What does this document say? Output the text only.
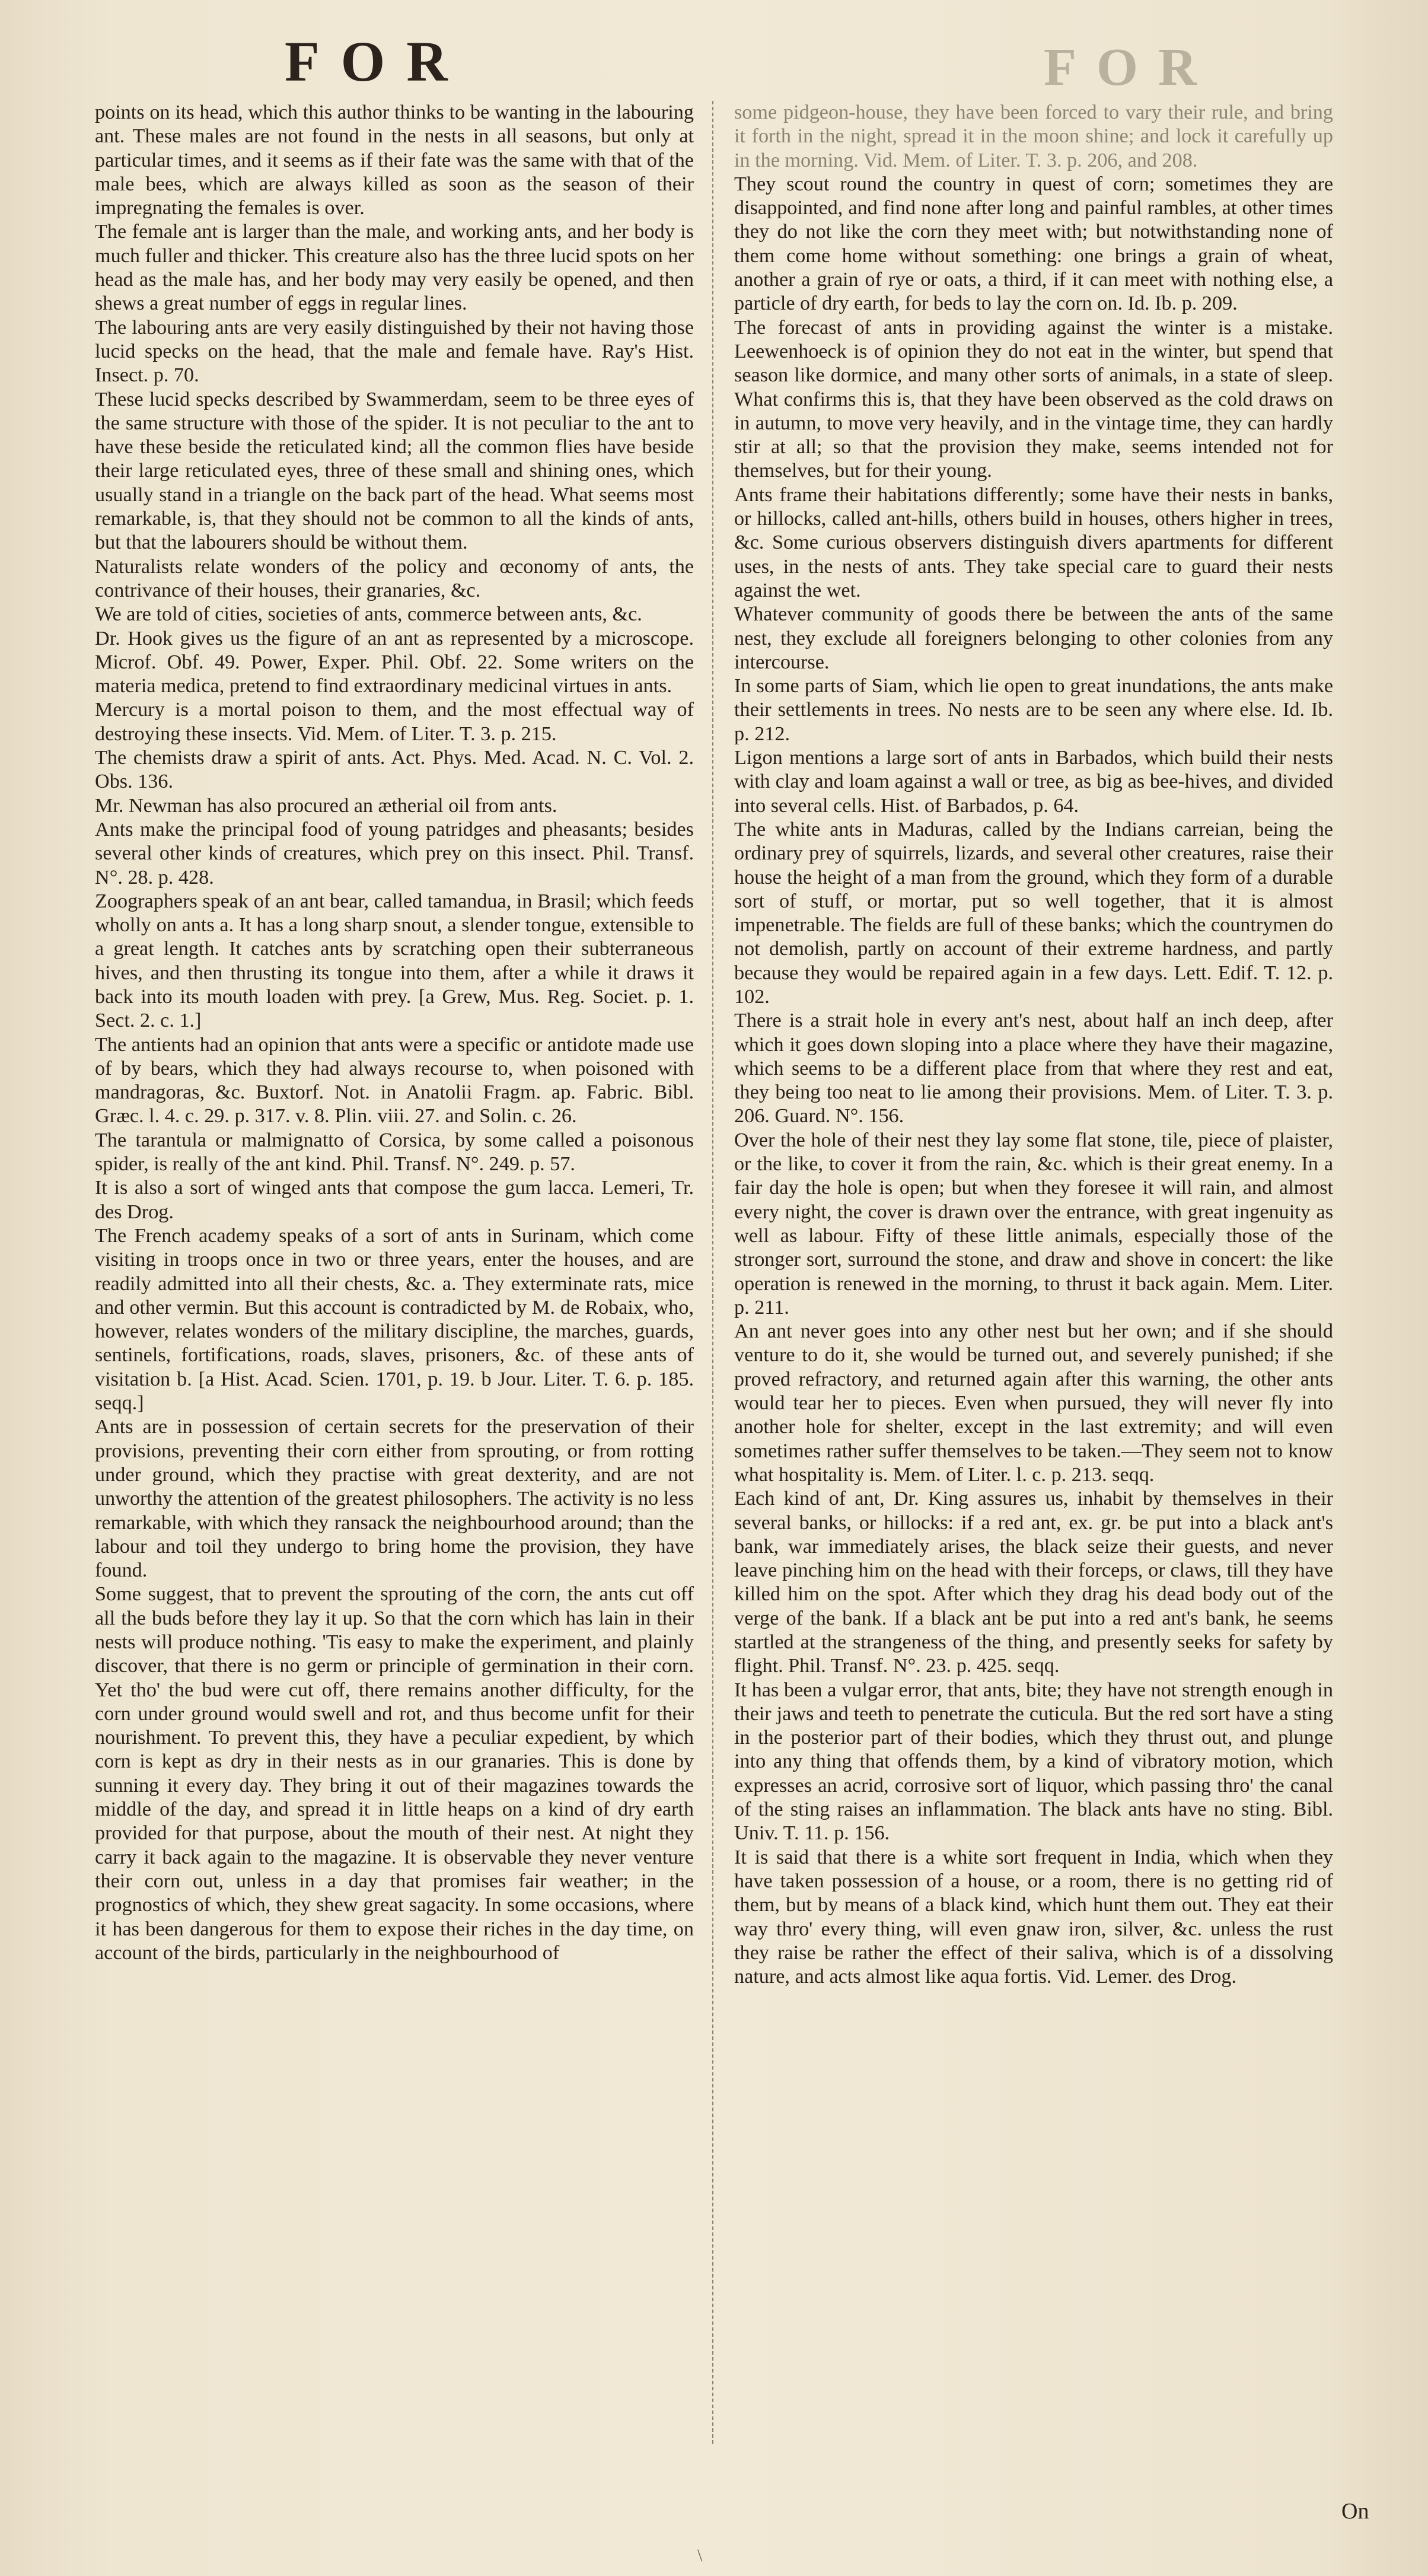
FOR	FOR

points on its head, which this author thinks to be wanting in the labouring ant. These males are not found in the nests in all seasons, but only at particular times, and it seems as if their fate was the same with that of the male bees, which are always killed as soon as the season of their impregnating the females is over.

The female ant is larger than the male, and working ants, and her body is much fuller and thicker. This creature also has the three lucid spots on her head as the male has, and her body may very easily be opened, and then shews a great number of eggs in regular lines.

The labouring ants are very easily distinguished by their not having those lucid specks on the head, that the male and female have. Ray's Hist. Insect. p. 70.

These lucid specks described by Swammerdam, seem to be three eyes of the same structure with those of the spider. It is not peculiar to the ant to have these beside the reticulated kind; all the common flies have beside their large reticulated eyes, three of these small and shining ones, which usually stand in a triangle on the back part of the head. What seems most remarkable, is, that they should not be common to all the kinds of ants, but that the labourers should be without them.

Naturalists relate wonders of the policy and œconomy of ants, the contrivance of their houses, their granaries, &c.

We are told of cities, societies of ants, commerce between ants, &c.

Dr. Hook gives us the figure of an ant as represented by a microscope. Microf. Obf. 49. Power, Exper. Phil. Obf. 22. Some writers on the materia medica, pretend to find extraordinary medicinal virtues in ants.

Mercury is a mortal poison to them, and the most effectual way of destroying these insects. Vid. Mem. of Liter. T. 3. p. 215.

The chemists draw a spirit of ants. Act. Phys. Med. Acad. N. C. Vol. 2. Obs. 136.

Mr. Newman has also procured an ætherial oil from ants.

Ants make the principal food of young patridges and pheasants; besides several other kinds of creatures, which prey on this insect. Phil. Transf. N°. 28. p. 428.

Zoographers speak of an ant bear, called tamandua, in Brasil; which feeds wholly on ants a. It has a long sharp snout, a slender tongue, extensible to a great length. It catches ants by scratching open their subterraneous hives, and then thrusting its tongue into them, after a while it draws it back into its mouth loaden with prey. [a Grew, Mus. Reg. Societ. p. 1. Sect. 2. c. 1.]

The antients had an opinion that ants were a specific or antidote made use of by bears, which they had always recourse to, when poisoned with mandragoras, &c. Buxtorf. Not. in Anatolii Fragm. ap. Fabric. Bibl. Græc. l. 4. c. 29. p. 317. v. 8. Plin. viii. 27. and Solin. c. 26.

The tarantula or malmignatto of Corsica, by some called a poisonous spider, is really of the ant kind. Phil. Transf. N°. 249. p. 57.

It is also a sort of winged ants that compose the gum lacca. Lemeri, Tr. des Drog.

The French academy speaks of a sort of ants in Surinam, which come visiting in troops once in two or three years, enter the houses, and are readily admitted into all their chests, &c. a. They exterminate rats, mice and other vermin. But this account is contradicted by M. de Robaix, who, however, relates wonders of the military discipline, the marches, guards, sentinels, fortifications, roads, slaves, prisoners, &c. of these ants of visitation b. [a Hist. Acad. Scien. 1701, p. 19. b Jour. Liter. T. 6. p. 185. seqq.]

Ants are in possession of certain secrets for the preservation of their provisions, preventing their corn either from sprouting, or from rotting under ground, which they practise with great dexterity, and are not unworthy the attention of the greatest philosophers. The activity is no less remarkable, with which they ransack the neighbourhood around; than the labour and toil they undergo to bring home the provision, they have found.

Some suggest, that to prevent the sprouting of the corn, the ants cut off all the buds before they lay it up. So that the corn which has lain in their nests will produce nothing. 'Tis easy to make the experiment, and plainly discover, that there is no germ or principle of germination in their corn. Yet tho' the bud were cut off, there remains another difficulty, for the corn under ground would swell and rot, and thus become unfit for their nourishment. To prevent this, they have a peculiar expedient, by which corn is kept as dry in their nests as in our granaries. This is done by sunning it every day. They bring it out of their magazines towards the middle of the day, and spread it in little heaps on a kind of dry earth provided for that purpose, about the mouth of their nest. At night they carry it back again to the magazine. It is observable they never venture their corn out, unless in a day that promises fair weather; in the prognostics of which, they shew great sagacity. In some occasions, where it has been dangerous for them to expose their riches in the day time, on account of the birds, particularly in the neighbourhood of

some pidgeon-house, they have been forced to vary their rule, and bring it forth in the night, spread it in the moon shine; and lock it carefully up in the morning. Vid. Mem. of Liter. T. 3. p. 206, and 208.

They scout round the country in quest of corn; sometimes they are disappointed, and find none after long and painful rambles, at other times they do not like the corn they meet with; but notwithstanding none of them come home without something: one brings a grain of wheat, another a grain of rye or oats, a third, if it can meet with nothing else, a particle of dry earth, for beds to lay the corn on. Id. Ib. p. 209.

The forecast of ants in providing against the winter is a mistake. Leewenhoeck is of opinion they do not eat in the winter, but spend that season like dormice, and many other sorts of animals, in a state of sleep. What confirms this is, that they have been observed as the cold draws on in autumn, to move very heavily, and in the vintage time, they can hardly stir at all; so that the provision they make, seems intended not for themselves, but for their young.

Ants frame their habitations differently; some have their nests in banks, or hillocks, called ant-hills, others build in houses, others higher in trees, &c. Some curious observers distinguish divers apartments for different uses, in the nests of ants. They take special care to guard their nests against the wet.

Whatever community of goods there be between the ants of the same nest, they exclude all foreigners belonging to other colonies from any intercourse.

In some parts of Siam, which lie open to great inundations, the ants make their settlements in trees. No nests are to be seen any where else. Id. Ib. p. 212.

Ligon mentions a large sort of ants in Barbados, which build their nests with clay and loam against a wall or tree, as big as bee-hives, and divided into several cells. Hist. of Barbados, p. 64.

The white ants in Maduras, called by the Indians carreian, being the ordinary prey of squirrels, lizards, and several other creatures, raise their house the height of a man from the ground, which they form of a durable sort of stuff, or mortar, put so well together, that it is almost impenetrable. The fields are full of these banks; which the countrymen do not demolish, partly on account of their extreme hardness, and partly because they would be repaired again in a few days. Lett. Edif. T. 12. p. 102.

There is a strait hole in every ant's nest, about half an inch deep, after which it goes down sloping into a place where they have their magazine, which seems to be a different place from that where they rest and eat, they being too neat to lie among their provisions. Mem. of Liter. T. 3. p. 206. Guard. N°. 156.

Over the hole of their nest they lay some flat stone, tile, piece of plaister, or the like, to cover it from the rain, &c. which is their great enemy. In a fair day the hole is open; but when they foresee it will rain, and almost every night, the cover is drawn over the entrance, with great ingenuity as well as labour. Fifty of these little animals, especially those of the stronger sort, surround the stone, and draw and shove in concert: the like operation is renewed in the morning, to thrust it back again. Mem. Liter. p. 211.

An ant never goes into any other nest but her own; and if she should venture to do it, she would be turned out, and severely punished; if she proved refractory, and returned again after this warning, the other ants would tear her to pieces. Even when pursued, they will never fly into another hole for shelter, except in the last extremity; and will even sometimes rather suffer themselves to be taken.—They seem not to know what hospitality is. Mem. of Liter. l. c. p. 213. seqq.

Each kind of ant, Dr. King assures us, inhabit by themselves in their several banks, or hillocks: if a red ant, ex. gr. be put into a black ant's bank, war immediately arises, the black seize their guests, and never leave pinching him on the head with their forceps, or claws, till they have killed him on the spot. After which they drag his dead body out of the verge of the bank. If a black ant be put into a red ant's bank, he seems startled at the strangeness of the thing, and presently seeks for safety by flight. Phil. Transf. N°. 23. p. 425. seqq.

It has been a vulgar error, that ants, bite; they have not strength enough in their jaws and teeth to penetrate the cuticula. But the red sort have a sting in the posterior part of their bodies, which they thrust out, and plunge into any thing that offends them, by a kind of vibratory motion, which expresses an acrid, corrosive sort of liquor, which passing thro' the canal of the sting raises an inflammation. The black ants have no sting. Bibl. Univ. T. 11. p. 156.

It is said that there is a white sort frequent in India, which when they have taken possession of a house, or a room, there is no getting rid of them, but by means of a black kind, which hunt them out. They eat their way thro' every thing, will even gnaw iron, silver, &c. unless the rust they raise be rather the effect of their saliva, which is of a dissolving nature, and acts almost like aqua fortis. Vid. Lemer. des Drog.

On
\
